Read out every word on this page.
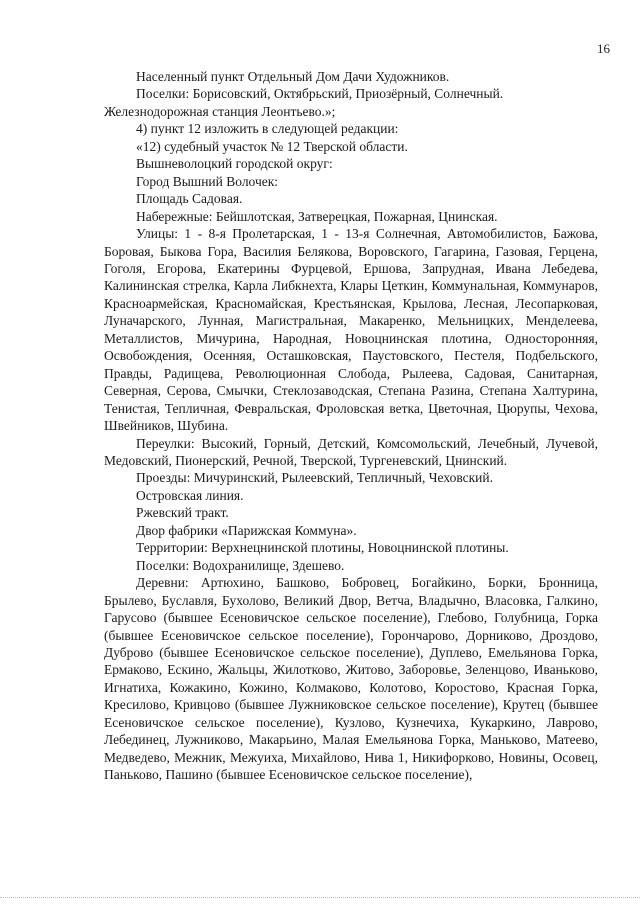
16

Населенный пункт Отдельный Дом Дачи Художников.

Поселки: Борисовский, Октябрьский, Приозёрный, Солнечный. Железнодорожная станция Леонтьево.»;

4) пункт 12 изложить в следующей редакции:

«12) судебный участок № 12 Тверской области.

Вышневолоцкий городской округ:

Город Вышний Волочек:

Площадь Садовая.

Набережные: Бейшлотская, Затверецкая, Пожарная, Цнинская.

Улицы: 1 - 8-я Пролетарская, 1 - 13-я Солнечная, Автомобилистов, Бажова, Боровая, Быкова Гора, Василия Белякова, Воровского, Гагарина, Газовая, Герцена, Гоголя, Егорова, Екатерины Фурцевой, Ершова, Запрудная, Ивана Лебедева, Калининская стрелка, Карла Либкнехта, Клары Цеткин, Коммунальная, Коммунаров, Красноармейская, Красномайская, Крестьянская, Крылова, Лесная, Лесопарковая, Луначарского, Лунная, Магистральная, Макаренко, Мельницких, Менделеева, Металлистов, Мичурина, Народная, Новоцнинская плотина, Односторонняя, Освобождения, Осенняя, Осташковская, Паустовского, Пестеля, Подбельского, Правды, Радищева, Революционная Слобода, Рылеева, Садовая, Санитарная, Северная, Серова, Смычки, Стеклозаводская, Степана Разина, Степана Халтурина, Тенистая, Тепличная, Февральская, Фроловская ветка, Цветочная, Цюрупы, Чехова, Швейников, Шубина.

Переулки: Высокий, Горный, Детский, Комсомольский, Лечебный, Лучевой, Медовский, Пионерский, Речной, Тверской, Тургеневский, Цнинский.

Проезды: Мичуринский, Рылеевский, Тепличный, Чеховский.

Островская линия.

Ржевский тракт.

Двор фабрики «Парижская Коммуна».

Территории: Верхнецнинской плотины, Новоцнинской плотины.

Поселки: Водохранилище, Здешево.

Деревни: Артюхино, Башково, Бобровец, Богайкино, Борки, Бронница, Брылево, Буславля, Бухолово, Великий Двор, Ветча, Владычно, Власовка, Галкино, Гарусово (бывшее Есеновичское сельское поселение), Глебово, Голубница, Горка (бывшее Есеновичское сельское поселение), Горончарово, Дорниково, Дроздово, Дуброво (бывшее Есеновичское сельское поселение), Дуплево, Емельянова Горка, Ермаково, Ескино, Жальцы, Жилотково, Житово, Заборовье, Зеленцово, Иваньково, Игнатиха, Кожакино, Кожино, Колмаково, Колотово, Коростово, Красная Горка, Кресилово, Кривцово (бывшее Лужниковское сельское поселение), Крутец (бывшее Есеновичское сельское поселение), Кузлово, Кузнечиха, Кукаркино, Лаврово, Лебединец, Лужниково, Макарьино, Малая Емельянова Горка, Маньково, Матеево, Медведево, Межник, Межуиха, Михайлово, Нива 1, Никифорково, Новины, Осовец, Паньково, Пашино (бывшее Есеновичское сельское поселение),
